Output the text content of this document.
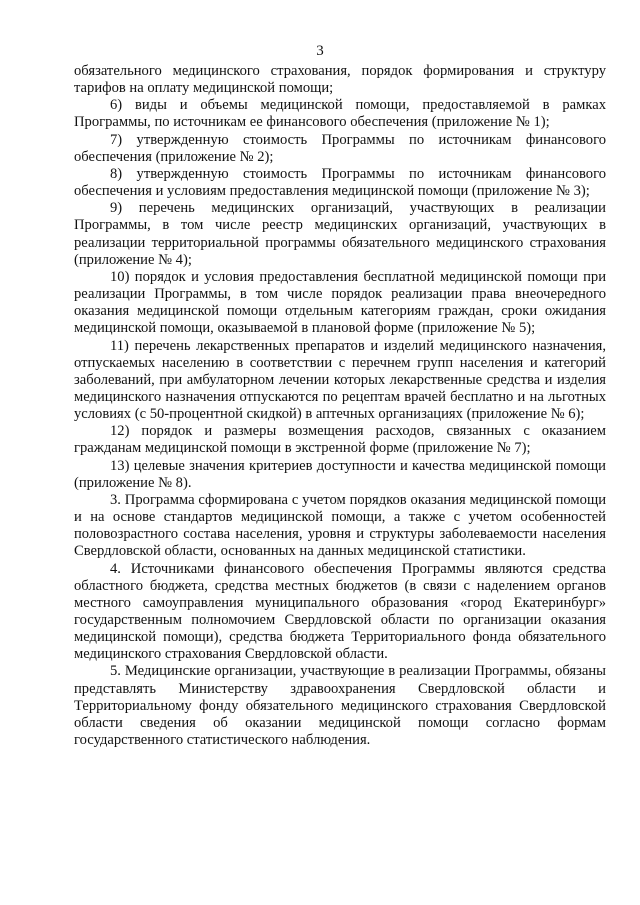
3

обязательного медицинского страхования, порядок формирования и структуру тарифов на оплату медицинской помощи;

6) виды и объемы медицинской помощи, предоставляемой в рамках Программы, по источникам ее финансового обеспечения (приложение № 1);

7) утвержденную стоимость Программы по источникам финансового обеспечения (приложение № 2);

8) утвержденную стоимость Программы по источникам финансового обеспечения и условиям предоставления медицинской помощи (приложение № 3);

9) перечень медицинских организаций, участвующих в реализации Программы, в том числе реестр медицинских организаций, участвующих в реализации территориальной программы обязательного медицинского страхования (приложение № 4);

10) порядок и условия предоставления бесплатной медицинской помощи при реализации Программы, в том числе порядок реализации права внеочередного оказания медицинской помощи отдельным категориям граждан, сроки ожидания медицинской помощи, оказываемой в плановой форме (приложение № 5);

11) перечень лекарственных препаратов и изделий медицинского назначения, отпускаемых населению в соответствии с перечнем групп населения и категорий заболеваний, при амбулаторном лечении которых лекарственные средства и изделия медицинского назначения отпускаются по рецептам врачей бесплатно и на льготных условиях (с 50-процентной скидкой) в аптечных организациях (приложение № 6);

12) порядок и размеры возмещения расходов, связанных с оказанием гражданам медицинской помощи в экстренной форме (приложение № 7);

13) целевые значения критериев доступности и качества медицинской помощи (приложение № 8).

3. Программа сформирована с учетом порядков оказания медицинской помощи и на основе стандартов медицинской помощи, а также с учетом особенностей половозрастного состава населения, уровня и структуры заболеваемости населения Свердловской области, основанных на данных медицинской статистики.

4. Источниками финансового обеспечения Программы являются средства областного бюджета, средства местных бюджетов (в связи с наделением органов местного самоуправления муниципального образования «город Екатеринбург» государственным полномочием Свердловской области по организации оказания медицинской помощи), средства бюджета Территориального фонда обязательного медицинского страхования Свердловской области.

5. Медицинские организации, участвующие в реализации Программы, обязаны представлять Министерству здравоохранения Свердловской области и Территориальному фонду обязательного медицинского страхования Свердловской области сведения об оказании медицинской помощи согласно формам государственного статистического наблюдения.
